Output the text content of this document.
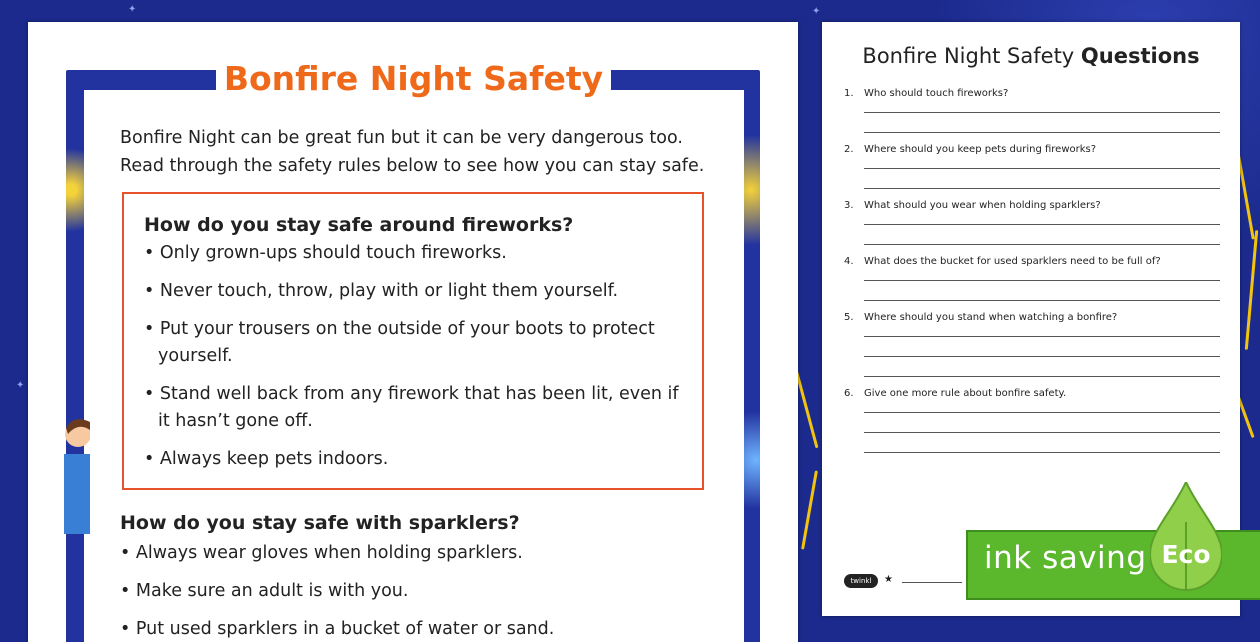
✦
✦
✦
Bonfire Night Safety
Bonfire Night can be great fun but it can be very dangerous too. Read through the safety rules below to see how you can stay safe.
How do you stay safe around fireworks?
• Only grown-ups should touch fireworks.
• Never touch, throw, play with or light them yourself.
• Put your trousers on the outside of your boots to protect yourself.
• Stand well back from any firework that has been lit, even if it hasn’t gone off.
• Always keep pets indoors.
How do you stay safe with sparklers?
• Always wear gloves when holding sparklers.
• Make sure an adult is with you.
• Put used sparklers in a bucket of water or sand.
Bonfire Night Safety Questions
1. Who should touch fireworks?
2. Where should you keep pets during fireworks?
3. What should you wear when holding sparklers?
4. What does the bucket for used sparklers need to be full of?
5. Where should you stand when watching a bonfire?
6. Give one more rule about bonfire safety.
twinkl	★
ink saving Eco
